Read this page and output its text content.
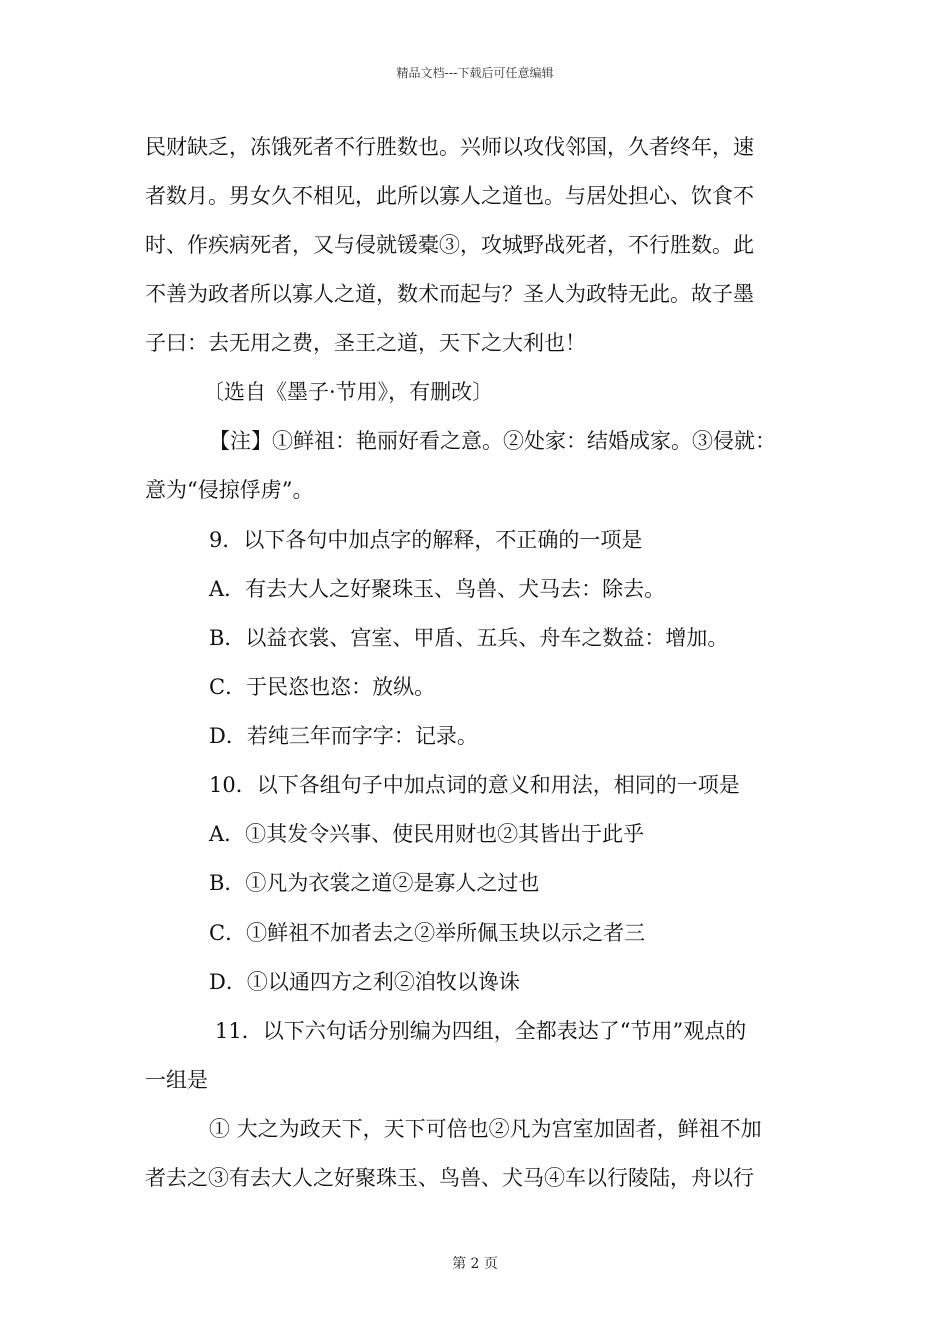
精品文档---下载后可任意编辑
民财缺乏，冻饿死者不行胜数也。兴师以攻伐邻国，久者终年，速
者数月。男女久不相见，此所以寡人之道也。与居处担心、饮食不
时、作疾病死者，又与侵就锾橐③，攻城野战死者，不行胜数。此
不善为政者所以寡人之道，数术而起与？圣人为政特无此。故子墨
子曰：去无用之费，圣王之道，天下之大利也！
〔选自《墨子·节用》，有删改〕
【注】①鲜祖：艳丽好看之意。②处家：结婚成家。③侵就：
意为“侵掠俘虏”。
9．以下各句中加点字的解释，不正确的一项是
A．有去大人之好聚珠玉、鸟兽、犬马去：除去。
B．以益衣裳、宫室、甲盾、五兵、舟车之数益：增加。
C．于民恣也恣：放纵。
D．若纯三年而字字：记录。
10．以下各组句子中加点词的意义和用法，相同的一项是
A．①其发令兴事、使民用财也②其皆出于此乎
B．①凡为衣裳之道②是寡人之过也
C．①鲜祖不加者去之②举所佩玉块以示之者三
D．①以通四方之利②洎牧以谗诛
11．以下六句话分别编为四组，全都表达了“节用”观点的
一组是
① 大之为政天下，天下可倍也②凡为宫室加固者，鲜祖不加
者去之③有去大人之好聚珠玉、鸟兽、犬马④车以行陵陆，舟以行
第 2 页
